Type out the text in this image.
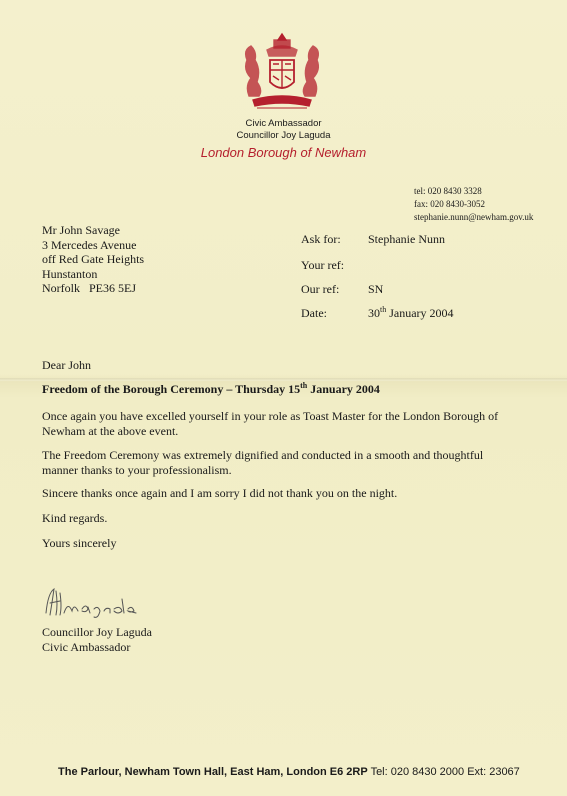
Civic Ambassador
Councillor Joy Laguda
London Borough of Newham
tel: 020 8430 3328
fax: 020 8430-3052
stephanie.nunn@newham.gov.uk
Mr John Savage
3 Mercedes Avenue
off Red Gate Heights
Hunstanton
Norfolk   PE36 5EJ
Ask for: Stephanie Nunn
Your ref:
Our ref: SN
Date:	30th January 2004
Dear John
Freedom of the Borough Ceremony – Thursday 15th January 2004
Once again you have excelled yourself in your role as Toast Master for the London Borough of Newham at the above event.
The Freedom Ceremony was extremely dignified and conducted in a smooth and thoughtful manner thanks to your professionalism.
Sincere thanks once again and I am sorry I did not thank you on the night.
Kind regards.
Yours sincerely
Councillor Joy Laguda
Civic Ambassador
The Parlour, Newham Town Hall, East Ham, London E6 2RP Tel: 020 8430 2000 Ext: 23067
